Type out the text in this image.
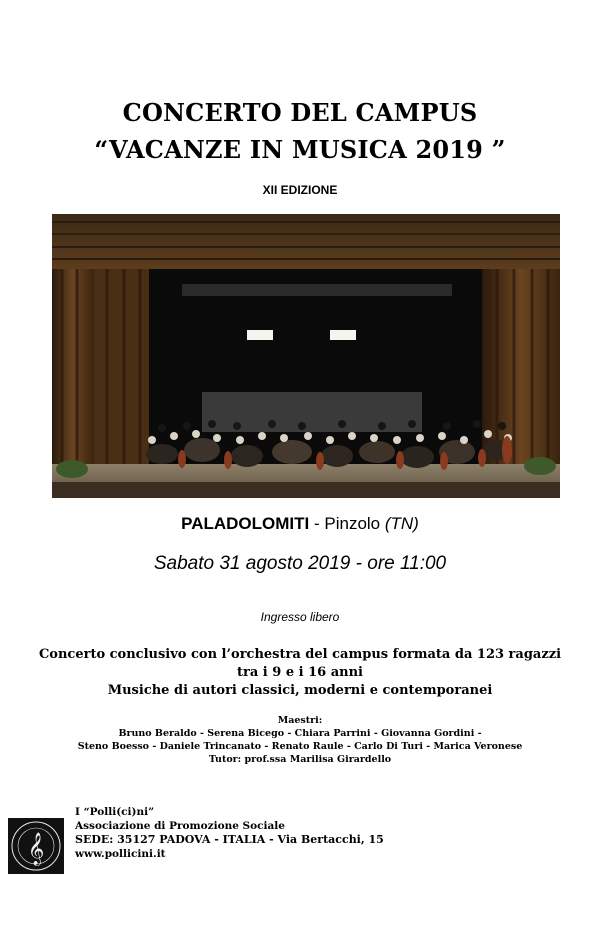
CONCERTO DEL CAMPUS
“VACANZE IN MUSICA 2019 ”
XII EDIZIONE
PALADOLOMITI - Pinzolo (TN)
Sabato 31 agosto 2019 - ore 11:00
Ingresso libero
Concerto conclusivo con l’orchestra del campus formata da 123 ragazzi
tra i 9 e i 16 anni
Musiche di autori classici, moderni e contemporanei
Maestri:
Bruno Beraldo - Serena Bicego - Chiara Parrini - Giovanna Gordini -
Steno Boesso - Daniele Trincanato - Renato Raule - Carlo Di Turi - Marica Veronese
Tutor: prof.ssa Marilisa Girardello
𝄞
I “Polli(ci)ni”
Associazione di Promozione Sociale
SEDE: 35127 PADOVA - ITALIA - Via Bertacchi, 15
www.pollicini.it
